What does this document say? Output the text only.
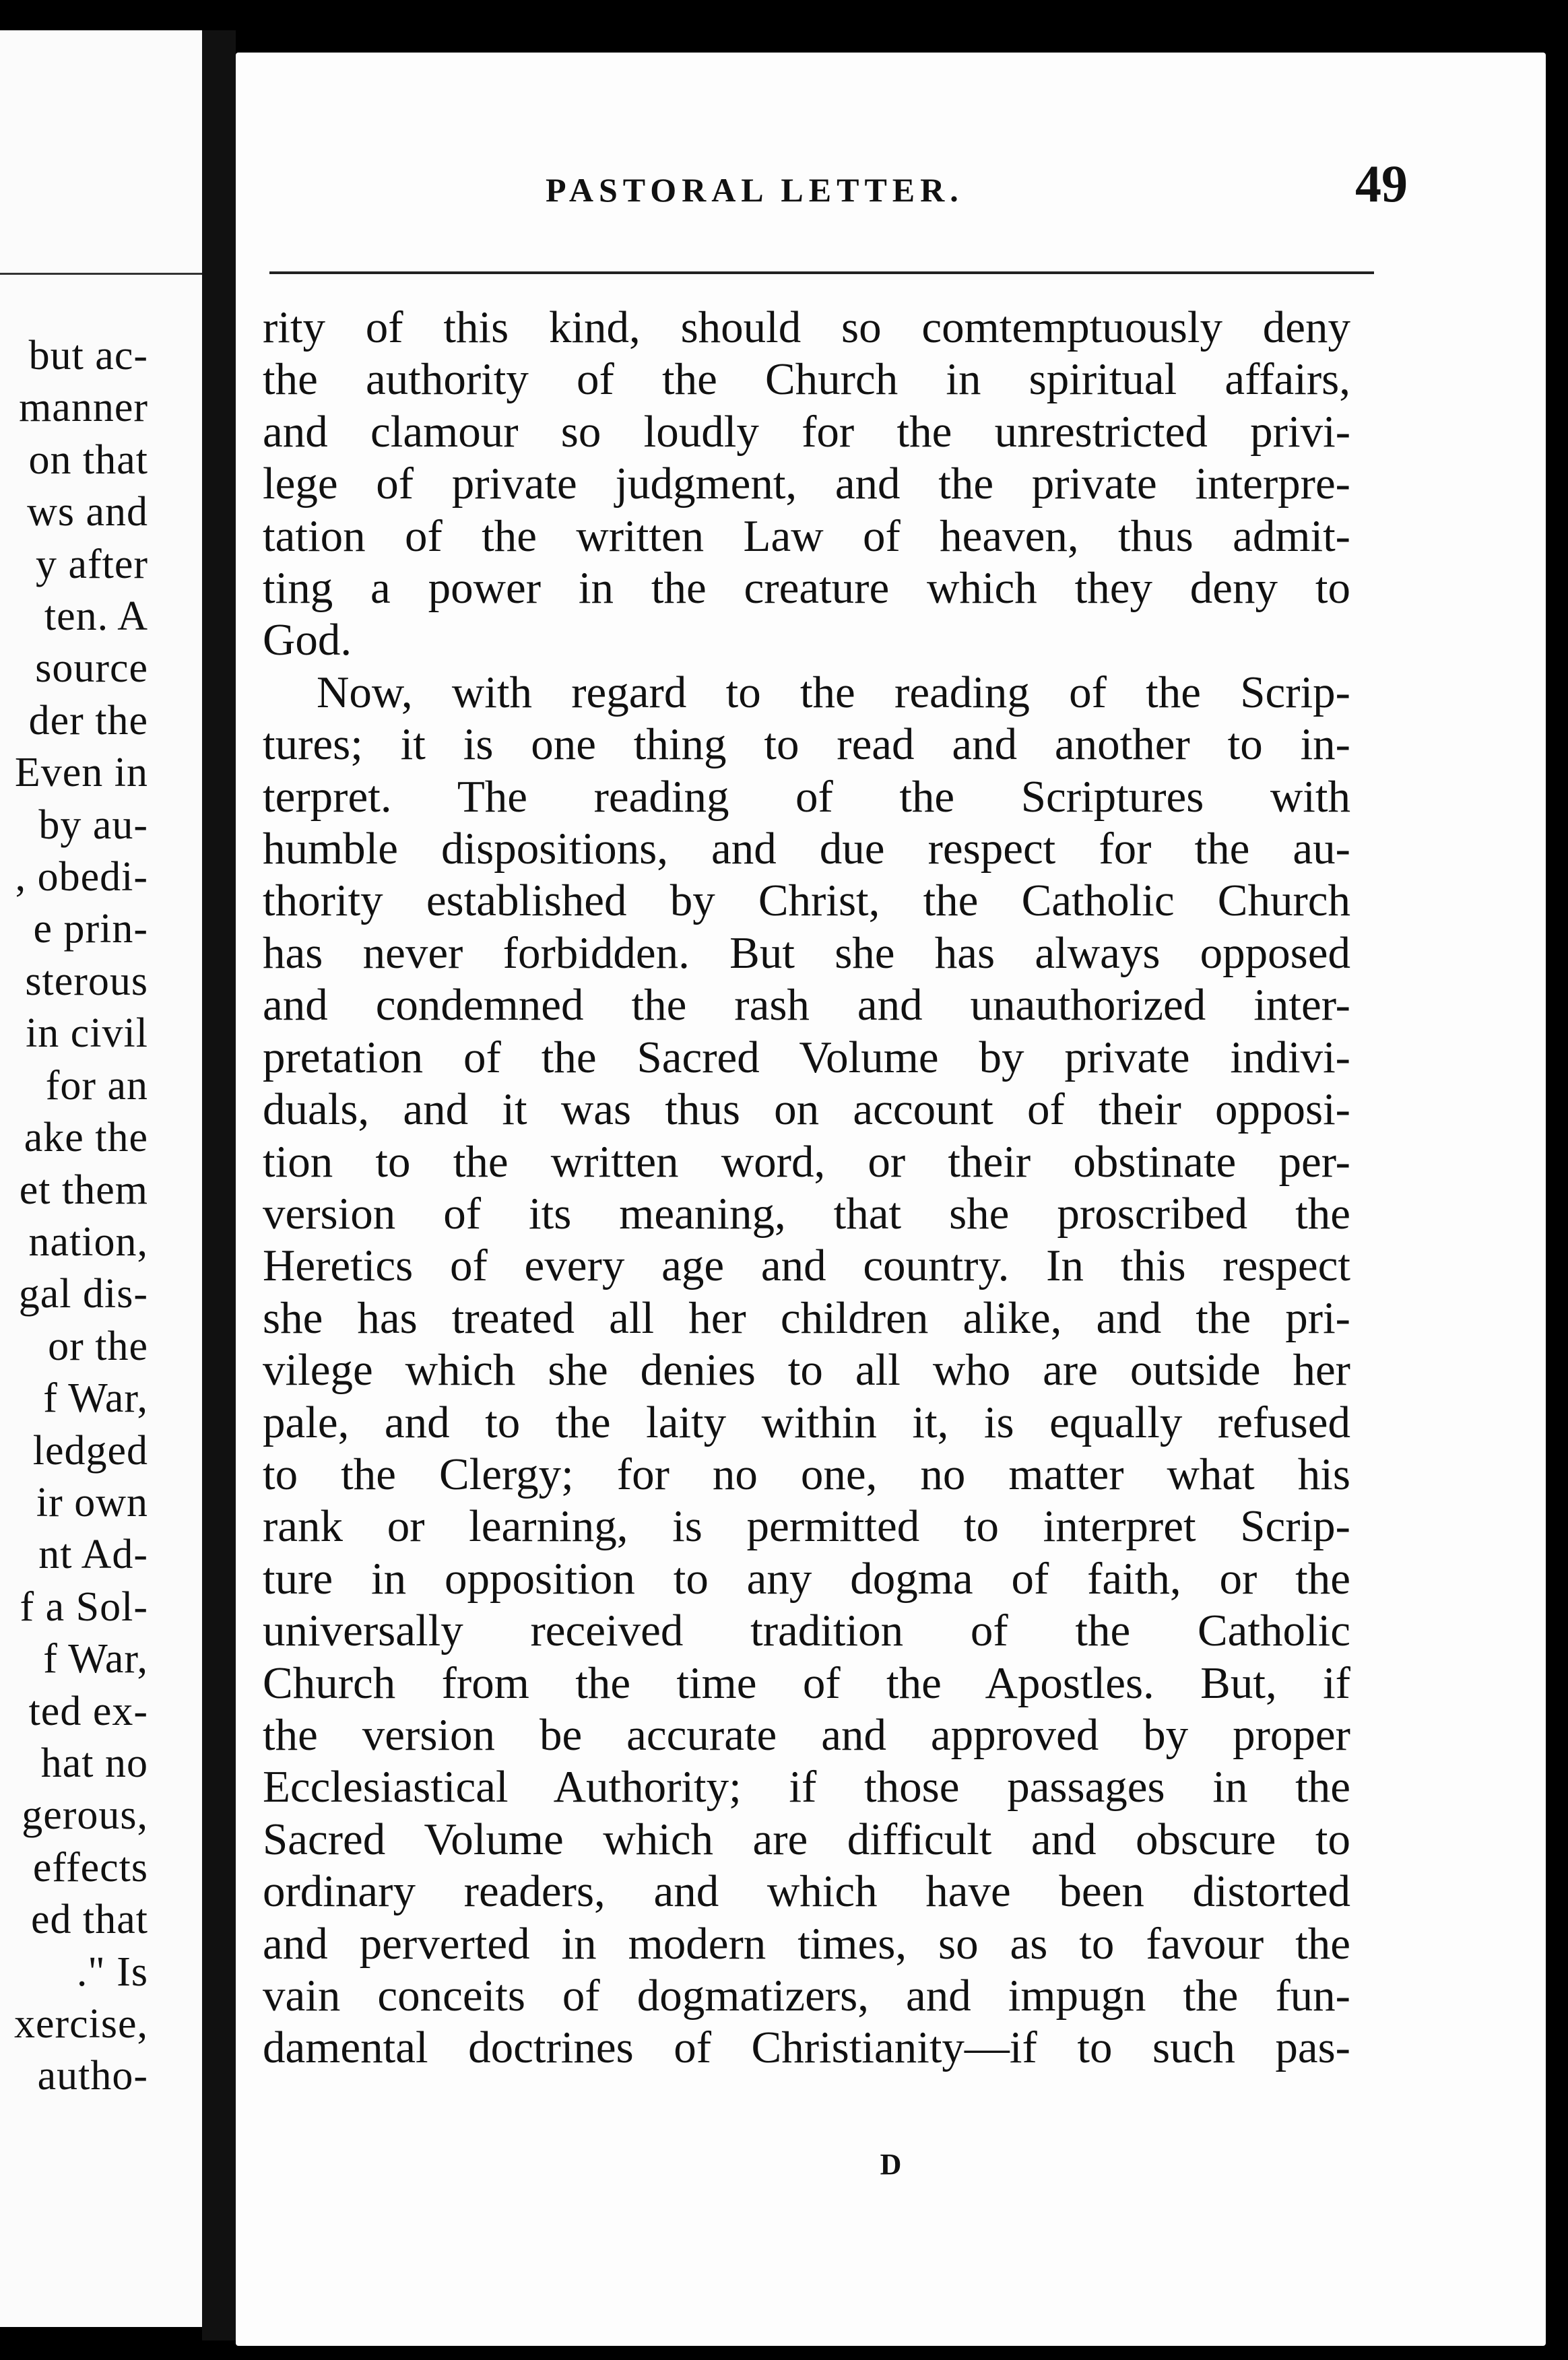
but ac-
manner
on that
ws and
y after
ten. A
source
der the
Even in
by au-
, obedi-
e prin-
sterous
in civil
for an
ake the
et them
nation,
gal dis-
or the
f War,
ledged
ir own
nt Ad-
f a Sol-
f War,
ted ex-
hat no
gerous,
effects
ed that
." Is
xercise,
autho-
PASTORAL LETTER.	49
rity of this kind, should so comtemptuously deny
the authority of the Church in spiritual affairs,
and clamour so loudly for the unrestricted privi-
lege of private judgment, and the private interpre-
tation of the written Law of heaven, thus admit-
ting a power in the creature which they deny to
God.
Now, with regard to the reading of the Scrip-
tures; it is one thing to read and another to in-
terpret. The reading of the Scriptures with
humble dispositions, and due respect for the au-
thority established by Christ, the Catholic Church
has never forbidden. But she has always opposed
and condemned the rash and unauthorized inter-
pretation of the Sacred Volume by private indivi-
duals, and it was thus on account of their opposi-
tion to the written word, or their obstinate per-
version of its meaning, that she proscribed the
Heretics of every age and country. In this respect
she has treated all her children alike, and the pri-
vilege which she denies to all who are outside her
pale, and to the laity within it, is equally refused
to the Clergy; for no one, no matter what his
rank or learning, is permitted to interpret Scrip-
ture in opposition to any dogma of faith, or the
universally received tradition of the Catholic
Church from the time of the Apostles. But, if
the version be accurate and approved by proper
Ecclesiastical Authority; if those passages in the
Sacred Volume which are difficult and obscure to
ordinary readers, and which have been distorted
and perverted in modern times, so as to favour the
vain conceits of dogmatizers, and impugn the fun-
damental doctrines of Christianity—if to such pas-
D
